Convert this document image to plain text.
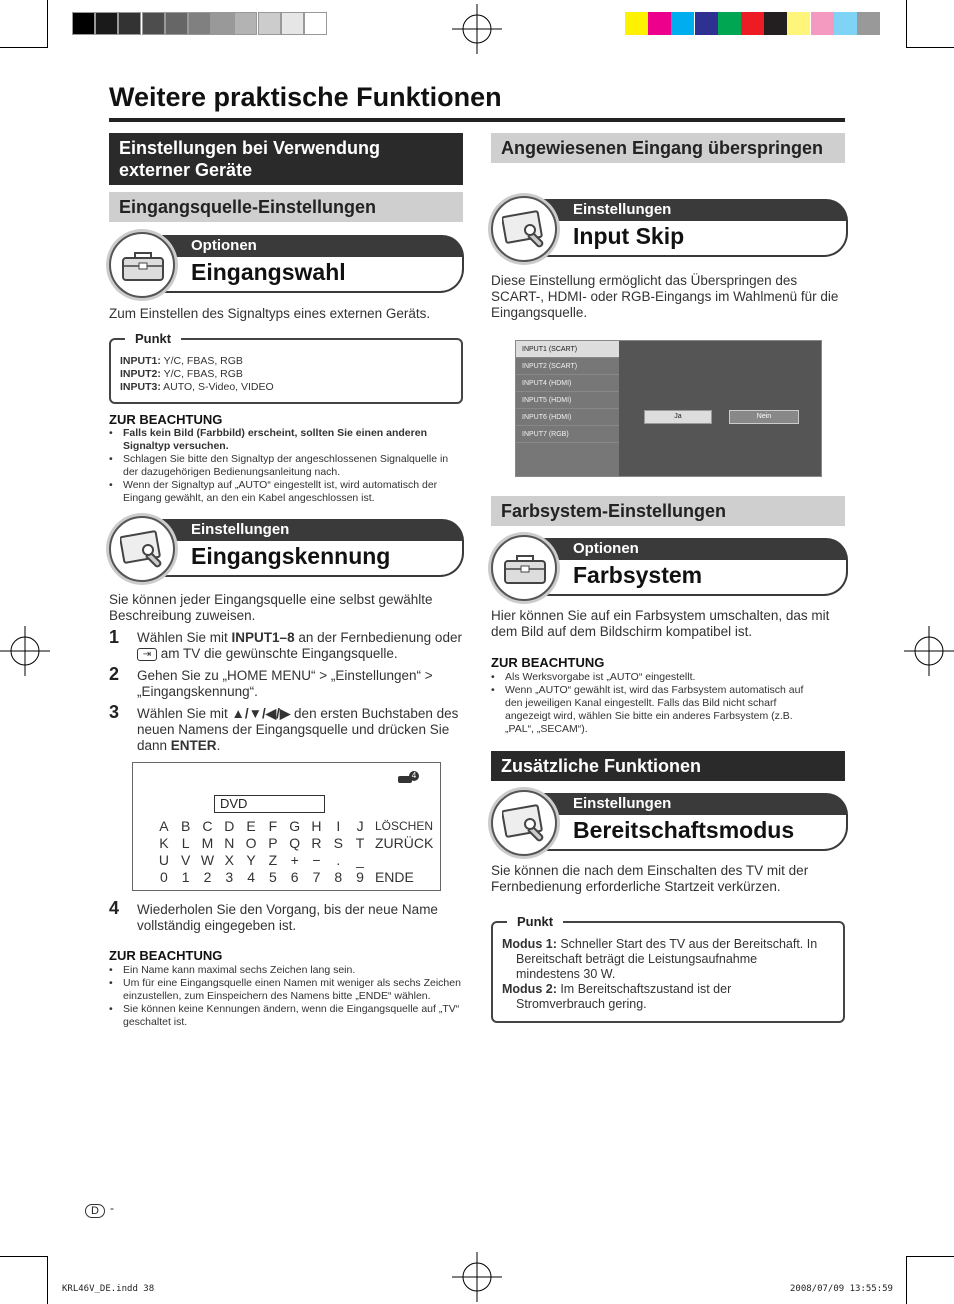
Weitere praktische Funktionen
Einstellungen bei Verwendung externer Geräte
Eingangsquelle-Einstellungen
Optionen
Eingangswahl
Zum Einstellen des Signaltyps eines externen Geräts.
Punkt
INPUT1: Y/C, FBAS, RGB
INPUT2: Y/C, FBAS, RGB
INPUT3: AUTO, S-Video, VIDEO
ZUR BEACHTUNG
• Falls kein Bild (Farbbild) erscheint, sollten Sie einen anderen Signaltyp versuchen.
• Schlagen Sie bitte den Signaltyp der angeschlossenen Signalquelle in der dazugehörigen Bedienungsanleitung nach.
• Wenn der Signaltyp auf „AUTO“ eingestellt ist, wird automatisch der Eingang gewählt, an den ein Kabel angeschlossen ist.
Einstellungen
Eingangskennung
Sie können jeder Eingangsquelle eine selbst gewählte Beschreibung zuweisen.
1 Wählen Sie mit INPUT1–8 an der Fernbedienung oder ⇥ am TV die gewünschte Eingangsquelle.
2 Gehen Sie zu „HOME MENU“ > „Einstellungen“ > „Eingangskennung“.
3 Wählen Sie mit ▲/▼/◀/▶ den ersten Buchstaben des neuen Namens der Eingangsquelle und drücken Sie dann ENTER.
4
DVD
A	B	C	D	E	F	G	H	I	J	LÖSCHEN
K	L	M	N	O	P	Q	R	S	T	ZURÜCK
U	V	W	X	Y	Z	+	−	.	_	
0	1	2	3	4	5	6	7	8	9	ENDE
4 Wiederholen Sie den Vorgang, bis der neue Name vollständig eingegeben ist.
ZUR BEACHTUNG
• Ein Name kann maximal sechs Zeichen lang sein.
• Um für eine Eingangsquelle einen Namen mit weniger als sechs Zeichen einzustellen, zum Einspeichern des Namens bitte „ENDE“ wählen.
• Sie können keine Kennungen ändern, wenn die Eingangsquelle auf „TV“ geschaltet ist.
Angewiesenen Eingang überspringen
Einstellungen
Input Skip
Diese Einstellung ermöglicht das Überspringen des SCART-, HDMI- oder RGB-Eingangs im Wahlmenü für die Eingangsquelle.
INPUT1 (SCART)
INPUT2 (SCART)
INPUT4 (HDMI)
INPUT5 (HDMI)
INPUT6 (HDMI)
INPUT7 (RGB)
Ja	Nein
Farbsystem-Einstellungen
Optionen
Farbsystem
Hier können Sie auf ein Farbsystem umschalten, das mit dem Bild auf dem Bildschirm kompatibel ist.
ZUR BEACHTUNG
• Als Werksvorgabe ist „AUTO“ eingestellt.
• Wenn „AUTO“ gewählt ist, wird das Farbsystem automatisch auf den jeweiligen Kanal eingestellt. Falls das Bild nicht scharf angezeigt wird, wählen Sie bitte ein anderes Farbsystem (z.B. „PAL“, „SECAM“).
Zusätzliche Funktionen
Einstellungen
Bereitschaftsmodus
Sie können die nach dem Einschalten des TV mit der Fernbedienung erforderliche Startzeit verkürzen.
Punkt
Modus 1: Schneller Start des TV aus der Bereitschaft. In Bereitschaft beträgt die Leistungsaufnahme mindestens 30 W.
Modus 2: Im Bereitschaftszustand ist der Stromverbrauch gering.
D -
KRL46V_DE.indd 38	2008/07/09 13:55:59
